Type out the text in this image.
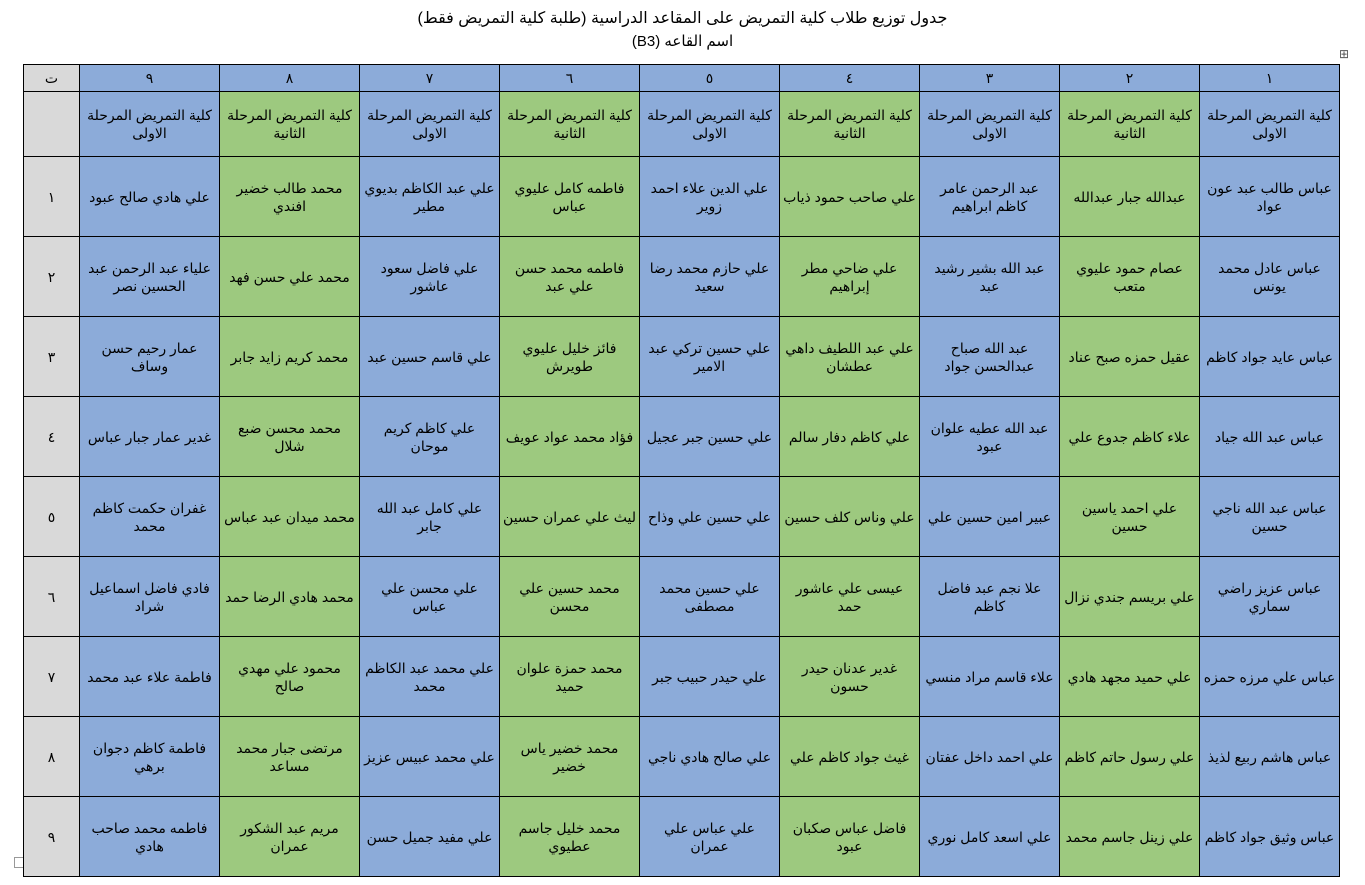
جدول توزيع طلاب كلية التمريض على المقاعد الدراسية (طلبة كلية التمريض فقط)

اسم القاعه (B3)

⊞
١	٢	٣	٤	٥	٦	٧	٨	٩	ت
كلية التمريض المرحلة الاولى	كلية التمريض المرحلة الثانية	كلية التمريض المرحلة الاولى	كلية التمريض المرحلة الثانية	كلية التمريض المرحلة الاولى	كلية التمريض المرحلة الثانية	كلية التمريض المرحلة الاولى	كلية التمريض المرحلة الثانية	كلية التمريض المرحلة الاولى	
عباس طالب عبد عون عواد	عبدالله جبار عبدالله	عبد الرحمن عامر كاظم ابراهيم	علي صاحب حمود ذياب	علي الدين علاء احمد زوير	فاطمه كامل عليوي عباس	علي عبد الكاظم بديوي مطير	محمد طالب خضير افندي	علي هادي صالح عبود	١
عباس عادل محمد يونس	عصام حمود عليوي متعب	عبد الله بشير رشيد عبد	علي ضاحي مطر إبراهيم	علي حازم محمد رضا سعيد	فاطمه محمد حسن علي عبد	علي فاضل سعود عاشور	محمد علي حسن فهد	علياء عبد الرحمن عبد الحسين نصر	٢
عباس عايد جواد كاظم	عقيل حمزه صبح عناد	عبد الله صباح عبدالحسن جواد	علي عبد اللطيف داهي عطشان	علي حسين تركي عبد الامير	فائز خليل عليوي طويرش	علي قاسم حسين عبد	محمد كريم زايد جابر	عمار رحيم حسن وساف	٣
عباس عبد الله جياد	علاء كاظم جدوع علي	عبد الله عطيه علوان عبود	علي كاظم دفار سالم	علي حسين جبر عجيل	فؤاد محمد عواد عويف	علي كاظم كريم موحان	محمد محسن ضبع شلال	غدير عمار جبار عباس	٤
عباس عبد الله ناجي حسين	علي احمد ياسين حسين	عبير امين حسين علي	علي وناس كلف حسين	علي حسين علي وذاح	ليث علي عمران حسين	علي كامل عبد الله جابر	محمد ميدان عبد عباس	غفران حكمت كاظم محمد	٥
عباس عزيز راضي سماري	علي بريسم جندي نزال	علا نجم عبد فاضل كاظم	عيسى علي عاشور حمد	علي حسين محمد مصطفى	محمد حسين علي محسن	علي محسن علي عباس	محمد هادي الرضا حمد	فادي فاضل اسماعيل شراد	٦
عباس علي مرزه حمزه	علي حميد مجهد هادي	علاء قاسم مراد منسي	غدير عدنان حيدر حسون	علي حيدر حبيب جبر	محمد حمزة علوان حميد	علي محمد عبد الكاظم محمد	محمود علي مهدي صالح	فاطمة علاء عبد محمد	٧
عباس هاشم ربيع لذيذ	علي رسول حاتم كاظم	علي احمد داخل عفتان	غيث جواد كاظم علي	علي صالح هادي ناجي	محمد خضير ياس خضير	علي محمد عبيس عزيز	مرتضى جبار محمد مساعد	فاطمة كاظم دجوان برهي	٨
عباس وثيق جواد كاظم	علي زينل جاسم محمد	علي اسعد كامل نوري	فاضل عباس صكبان عبود	علي عباس علي عمران	محمد خليل جاسم عطيوي	علي مفيد جميل حسن	مريم عبد الشكور عمران	فاطمه محمد صاحب هادي	٩
